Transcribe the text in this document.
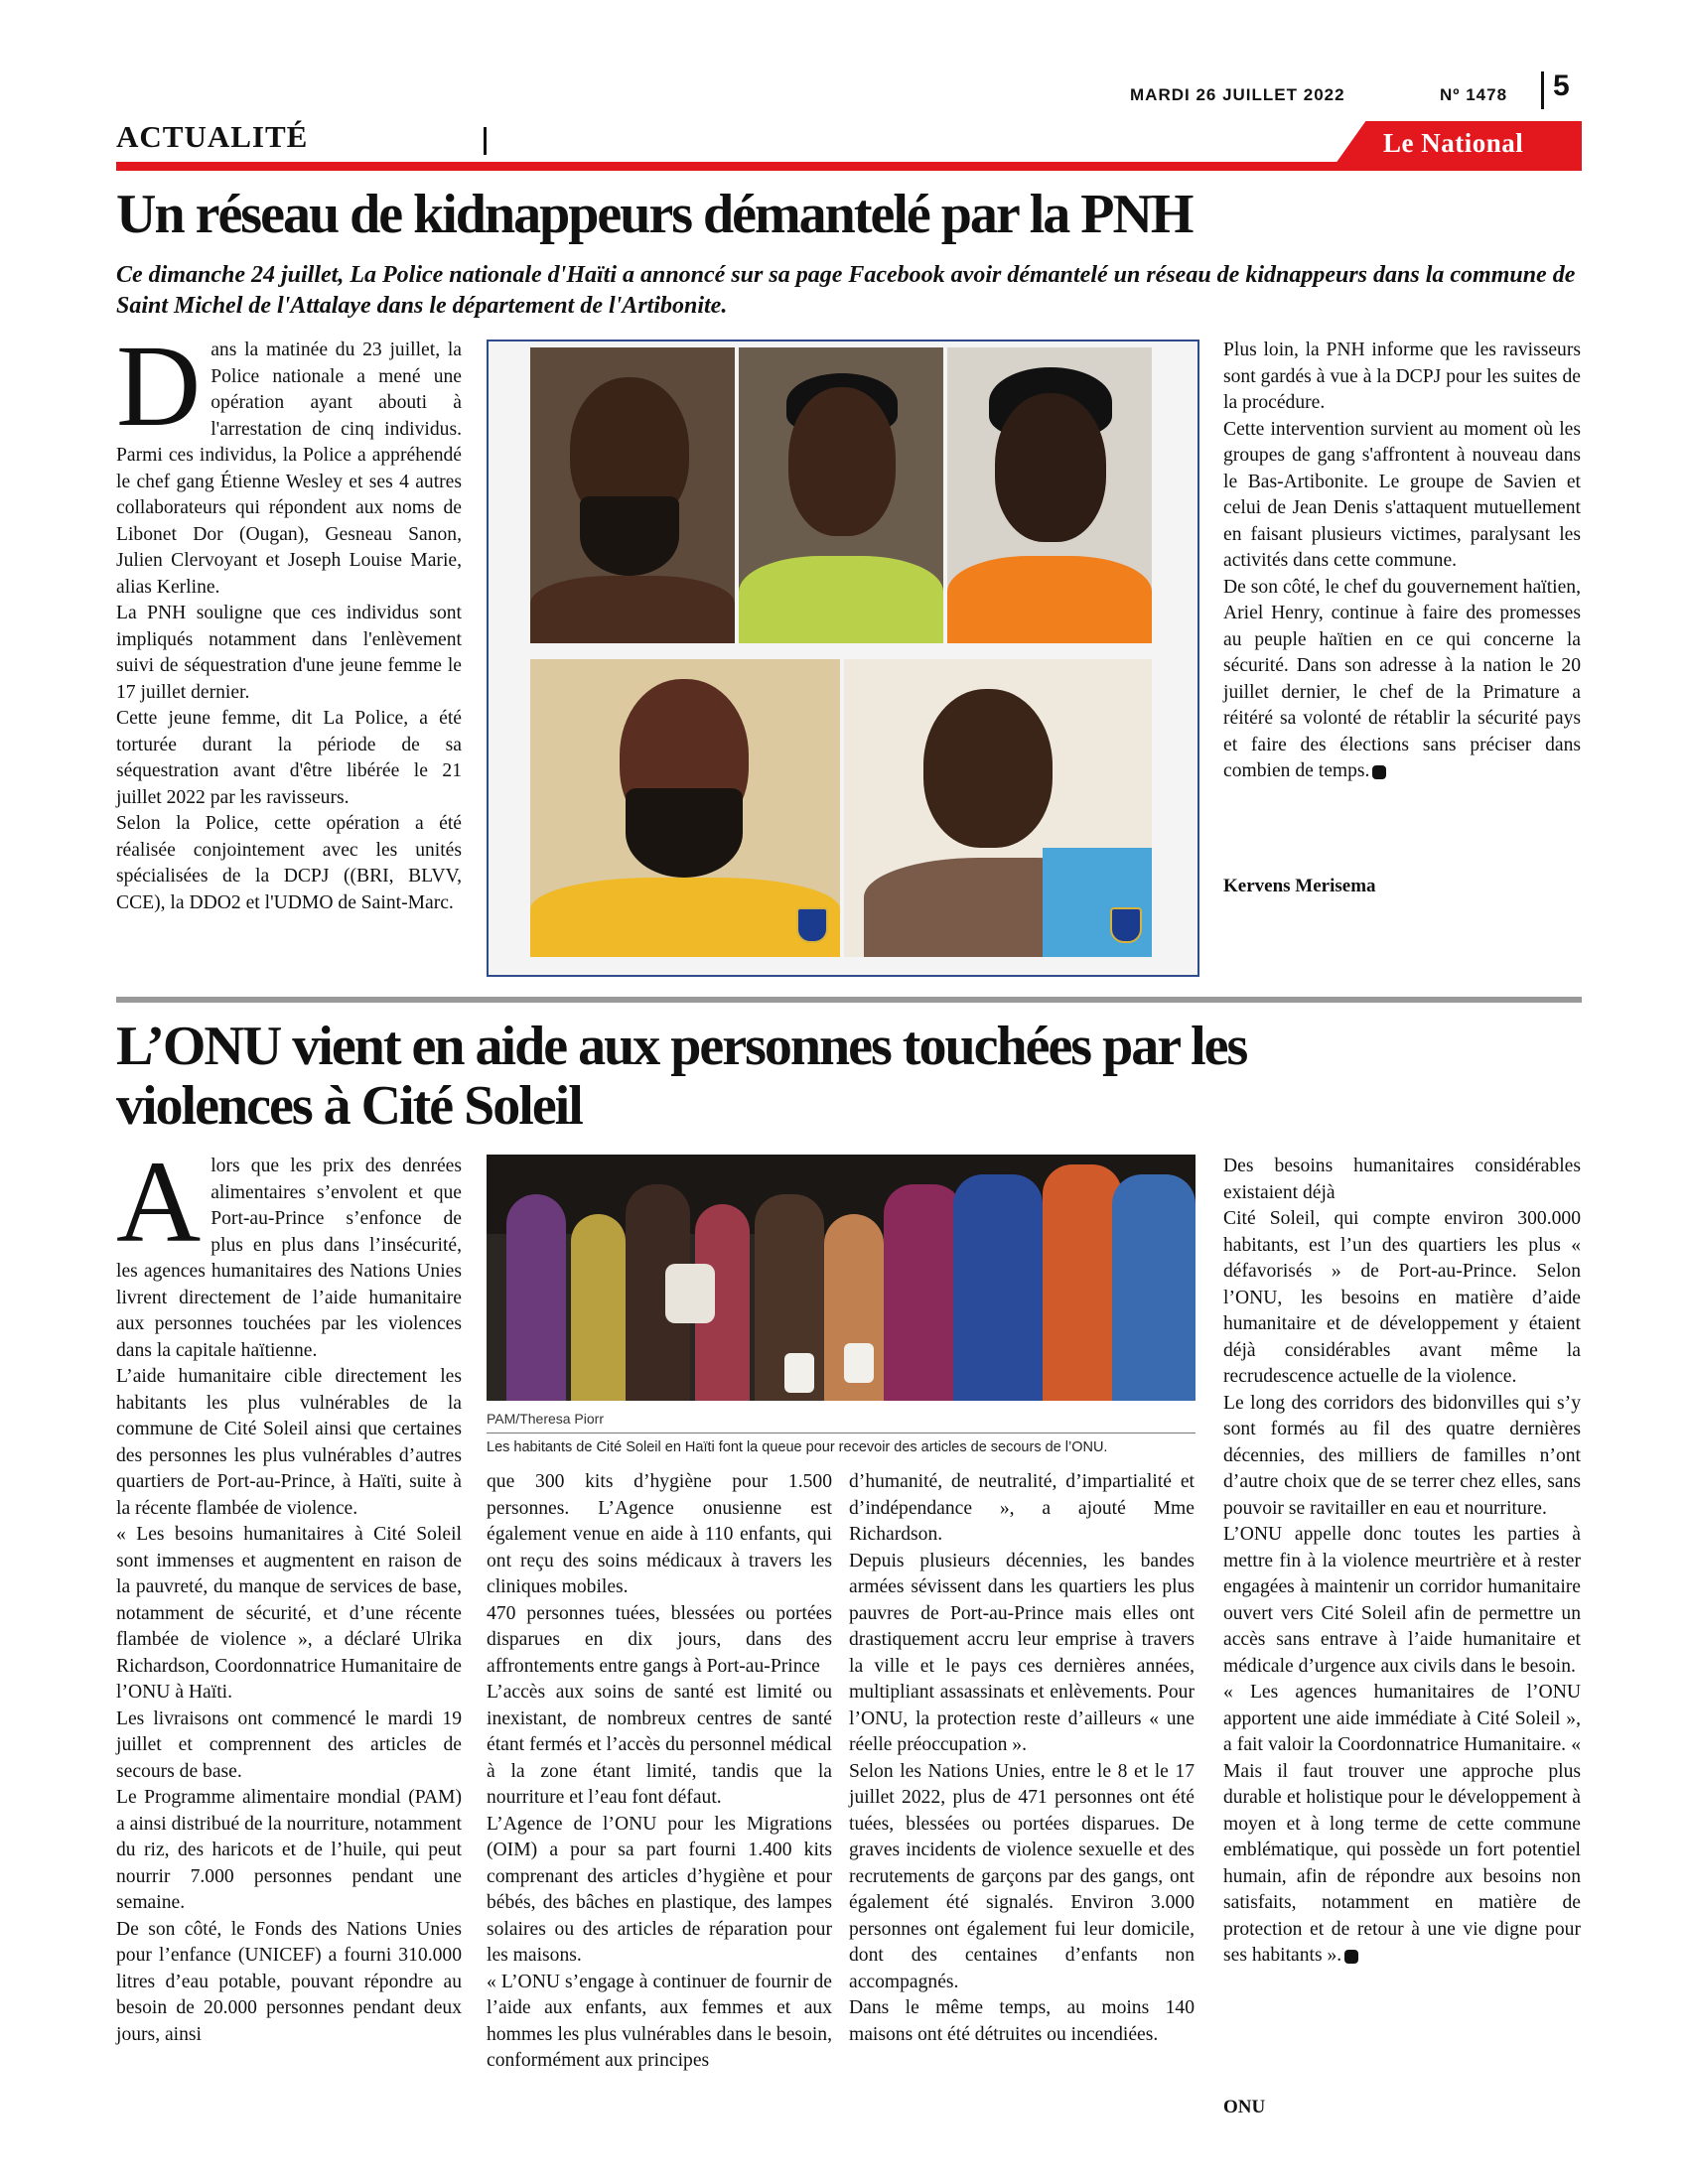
MARDI 26 JUILLET 2022	Nº 1478 5
ACTUALITÉ	Le National
Un réseau de kidnappeurs démantelé par la PNH
Ce dimanche 24 juillet, La Police nationale d'Haïti a annoncé sur sa page Facebook avoir démantelé un réseau de kidnappeurs dans la commune de Saint Michel de l'Attalaye dans le département de l'Artibonite.
D ans la matinée du 23 juillet, la Police nationale a mené une opération ayant abouti à l'arrestation de cinq individus. Parmi ces individus, la Police a appréhendé le chef gang Étienne Wesley et ses 4 autres collaborateurs qui répondent aux noms de Libonet Dor (Ougan), Gesneau Sanon, Julien Clervoyant et Joseph Louise Marie, alias Kerline.

La PNH souligne que ces individus sont impliqués notamment dans l'enlèvement suivi de séquestration d'une jeune femme le 17 juillet dernier.

Cette jeune femme, dit La Police, a été torturée durant la période de sa séquestration avant d'être libérée le 21 juillet 2022 par les ravisseurs.

Selon la Police, cette opération a été réalisée conjointement avec les unités spécialisées de la DCPJ ((BRI, BLVV, CCE), la DDO2 et l'UDMO de Saint-Marc.

Plus loin, la PNH informe que les ravisseurs sont gardés à vue à la DCPJ pour les suites de la procédure.

Cette intervention survient au moment où les groupes de gang s'affrontent à nouveau dans le Bas-Artibonite. Le groupe de Savien et celui de Jean Denis s'attaquent mutuellement en faisant plusieurs victimes, paralysant les activités dans cette commune.

De son côté, le chef du gouvernement haïtien, Ariel Henry, continue à faire des promesses au peuple haïtien en ce qui concerne la sécurité. Dans son adresse à la nation le 20 juillet dernier, le chef de la Primature a réitéré sa volonté de rétablir la sécurité pays et faire des élections sans préciser dans combien de temps.

Kervens Merisema
L’ONU vient en aide aux personnes touchées par les
violences à Cité Soleil
A lors que les prix des denrées alimentaires s’envolent et que Port-au-Prince s’enfonce de plus en plus dans l’insécurité, les agences humanitaires des Nations Unies livrent directement de l’aide humanitaire aux personnes touchées par les violences dans la capitale haïtienne.

L’aide humanitaire cible directement les habitants les plus vulnérables de la commune de Cité Soleil ainsi que certaines des personnes les plus vulnérables d’autres quartiers de Port-au-Prince, à Haïti, suite à la récente flambée de violence.

« Les besoins humanitaires à Cité Soleil sont immenses et augmentent en raison de la pauvreté, du manque de services de base, notamment de sécurité, et d’une récente flambée de violence », a déclaré Ulrika Richardson, Coordonnatrice Humanitaire de l’ONU à Haïti.

Les livraisons ont commencé le mardi 19 juillet et comprennent des articles de secours de base.

Le Programme alimentaire mondial (PAM) a ainsi distribué de la nourriture, notamment du riz, des haricots et de l’huile, qui peut nourrir 7.000 personnes pendant une semaine.

De son côté, le Fonds des Nations Unies pour l’enfance (UNICEF) a fourni 310.000 litres d’eau potable, pouvant répondre au besoin de 20.000 personnes pendant deux jours, ainsi

PAM/Theresa Piorr
Les habitants de Cité Soleil en Haïti font la queue pour recevoir des articles de secours de l’ONU.

que 300 kits d’hygiène pour 1.500 personnes. L’Agence onusienne est également venue en aide à 110 enfants, qui ont reçu des soins médicaux à travers les cliniques mobiles.

470 personnes tuées, blessées ou portées disparues en dix jours, dans des affrontements entre gangs à Port-au-Prince

L’accès aux soins de santé est limité ou inexistant, de nombreux centres de santé étant fermés et l’accès du personnel médical à la zone étant limité, tandis que la nourriture et l’eau font défaut.

L’Agence de l’ONU pour les Migrations (OIM) a pour sa part fourni 1.400 kits comprenant des articles d’hygiène et pour bébés, des bâches en plastique, des lampes solaires ou des articles de réparation pour les maisons.

« L’ONU s’engage à continuer de fournir de l’aide aux enfants, aux femmes et aux hommes les plus vulnérables dans le besoin, conformément aux principes

d’humanité, de neutralité, d’impartialité et d’indépendance », a ajouté Mme Richardson.

Depuis plusieurs décennies, les bandes armées sévissent dans les quartiers les plus pauvres de Port-au-Prince mais elles ont drastiquement accru leur emprise à travers la ville et le pays ces dernières années, multipliant assassinats et enlèvements. Pour l’ONU, la protection reste d’ailleurs « une réelle préoccupation ».

Selon les Nations Unies, entre le 8 et le 17 juillet 2022, plus de 471 personnes ont été tuées, blessées ou portées disparues. De graves incidents de violence sexuelle et des recrutements de garçons par des gangs, ont également été signalés. Environ 3.000 personnes ont également fui leur domicile, dont des centaines d’enfants non accompagnés.

Dans le même temps, au moins 140 maisons ont été détruites ou incendiées.

Des besoins humanitaires considérables existaient déjà

Cité Soleil, qui compte environ 300.000 habitants, est l’un des quartiers les plus « défavorisés » de Port-au-Prince. Selon l’ONU, les besoins en matière d’aide humanitaire et de développement y étaient déjà considérables avant même la recrudescence actuelle de la violence.

Le long des corridors des bidonvilles qui s’y sont formés au fil des quatre dernières décennies, des milliers de familles n’ont d’autre choix que de se terrer chez elles, sans pouvoir se ravitailler en eau et nourriture.

L’ONU appelle donc toutes les parties à mettre fin à la violence meurtrière et à rester engagées à maintenir un corridor humanitaire ouvert vers Cité Soleil afin de permettre un accès sans entrave à l’aide humanitaire et médicale d’urgence aux civils dans le besoin.

« Les agences humanitaires de l’ONU apportent une aide immédiate à Cité Soleil », a fait valoir la Coordonnatrice Humanitaire. « Mais il faut trouver une approche plus durable et holistique pour le développement à moyen et à long terme de cette commune emblématique, qui possède un fort potentiel humain, afin de répondre aux besoins non satisfaits, notamment en matière de protection et de retour à une vie digne pour ses habitants ».

ONU
